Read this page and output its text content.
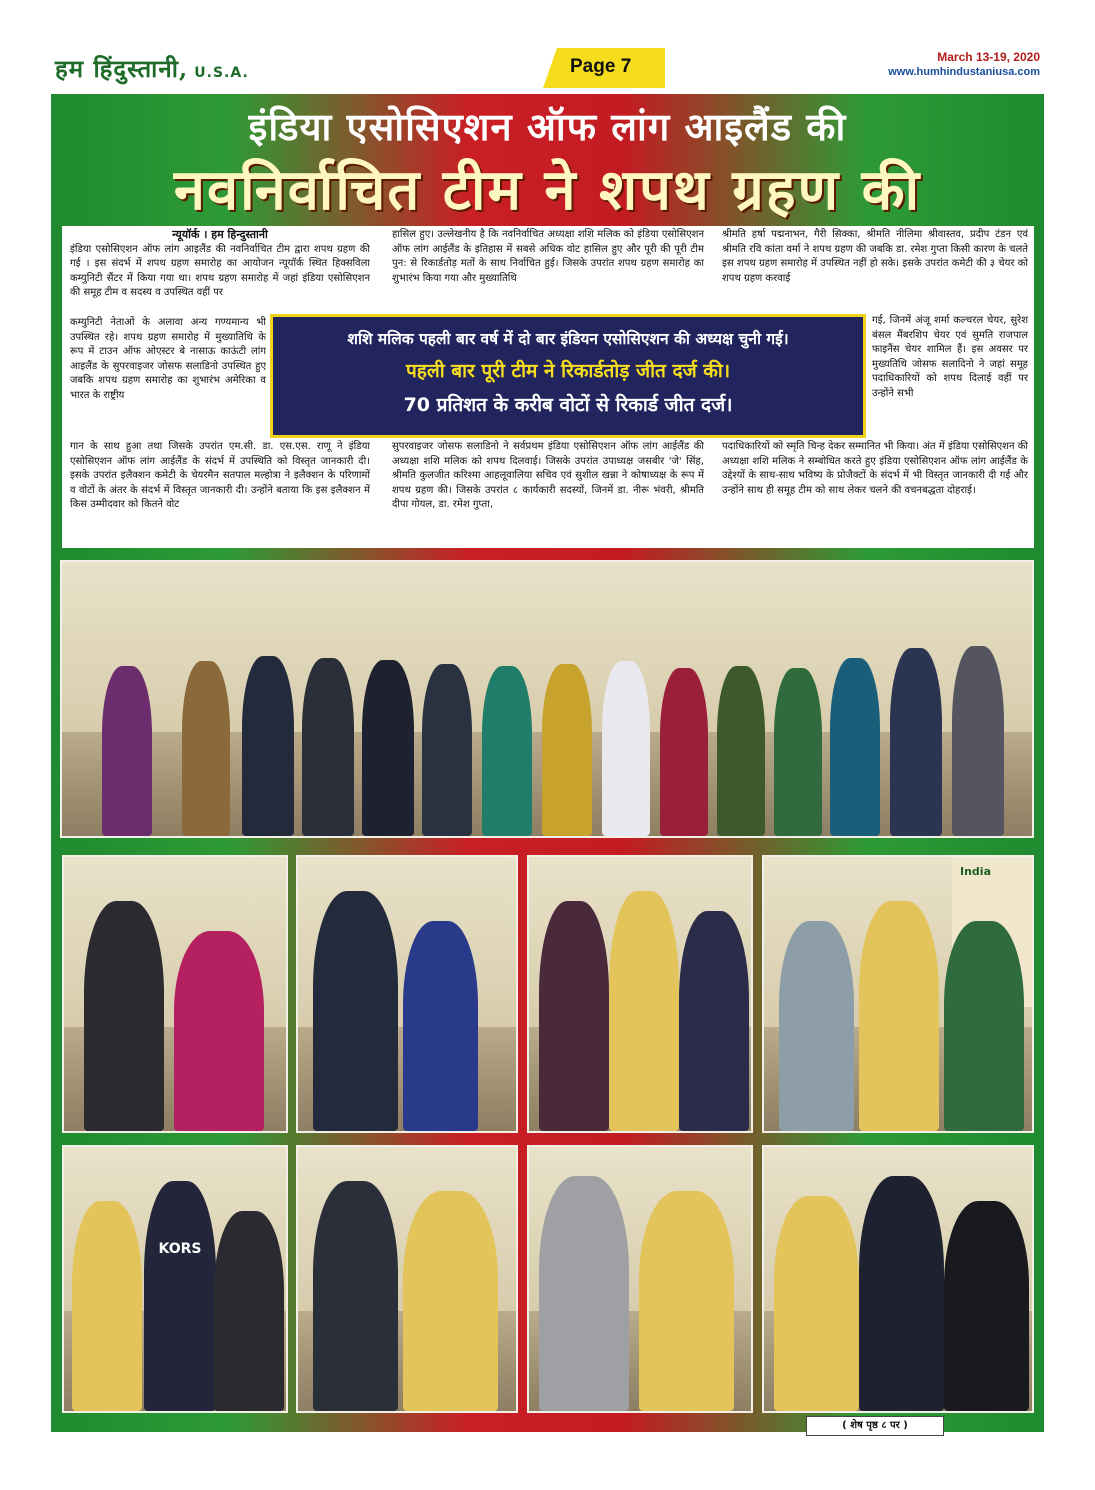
हम हिंदुस्तानी, U.S.A.	Page 7	March 13-19, 2020
www.humhindustaniusa.com
इंडिया एसोसिएशन ऑफ लांग आइलैंड की
नवनिर्वाचित टीम ने शपथ ग्रहण की
न्यूयॉर्क । हम हिन्दुस्तानी
इंडिया एसोसिएशन ऑफ लांग आइलैंड की नवनिर्वाचित टीम द्वारा शपथ ग्रहण की गई । इस संदर्भ में शपथ ग्रहण समारोह का आयोजन न्यूयॉर्क स्थित हिक्सविला कम्युनिटी सैंटर में किया गया था। शपथ ग्रहण समारोह में जहां इंडिया एसोसिएशन की समूह टीम व सदस्य व उपस्थित वहीं पर
कम्युनिटी नेताओं के अलावा अन्य गण्यमान्य भी उपस्थित रहे। शपथ ग्रहण समारोह में मुख्यातिथि के रूप में टाउन ऑफ ओएस्टर बे नासाऊ काऊंटी लांग आइलैंड के सुपरवाइजर जोसफ सलाडिनो उपस्थित हुए जबकि शपथ ग्रहण समारोह का शुभारंभ अमेरिका व भारत के राष्ट्रीय
गान के साथ हुआ तथा जिसके उपरांत एम.सी. डा. एस.एस. राणू ने इंडिया एसोसिएशन ऑफ लांग आईलैंड के संदर्भ में उपस्थिति को विस्तृत जानकारी दी। इसके उपरांत इलैक्शन कमेटी के चेयरमैन सतपाल मल्होत्रा ने इलैक्शन के परिणामों व वोटों के अंतर के संदर्भ में विस्तृत जानकारी दी। उन्होंने बताया कि इस इलैक्शन में किस उम्मीदवार को कितने वोट
हासिल हुए। उल्लेखनीय है कि नवनिर्वाचित अध्यक्षा शशि मलिक को इंडिया एसोसिएशन ऑफ लांग आईलैंड के इतिहास में सबसे अधिक वोट हासिल हुए और पूरी की पूरी टीम पुन: से रिकार्डतोड़ मतों के साथ निर्वाचित हुई। जिसके उपरांत शपथ ग्रहण समारोह का शुभारंभ किया गया और मुख्यातिथि
सुपरवाइजर जोसफ सलाडिनो ने सर्वप्रथम इंडिया एसोसिएशन ऑफ लांग आईलैंड की अध्यक्षा शशि मलिक को शपथ दिलवाई। जिसके उपरांत उपाध्यक्ष जसबीर 'जे' सिंह, श्रीमति कुलजीत करिश्मा आहलूवालिया सचिव एवं सुशील खन्ना ने कोषाध्यक्ष के रूप में शपथ ग्रहण की। जिसके उपरांत ८ कार्यकारी सदस्यों, जिनमें डा. नीरू भंवरी, श्रीमति दीपा गोयल, डा. रमेश गुप्ता,
श्रीमति हर्षा पद्मनाभन, गैरी सिक्का, श्रीमति नीलिमा श्रीवास्तव, प्रदीप टंडन एवं श्रीमति रवि कांता वर्मा ने शपथ ग्रहण की जबकि डा. रमेश गुप्ता किसी कारण के चलते इस शपथ ग्रहण समारोह में उपस्थित नहीं हो सके। इसके उपरांत कमेटी की ३ चेयर को शपथ ग्रहण करवाई
गई, जिनमें अंजू शर्मा कल्चरल चेयर, सुरेश बंसल मैंबरशिप चेयर एवं सुमति राजपाल फाइनैंस चेयर शामिल हैं। इस अवसर पर मुख्यतिथि जोसफ सलादिनो ने जहां समूह पदाधिकारियों को शपथ दिलाई वहीं पर उन्होंने सभी
पदाधिकारियों को स्मृति चिन्ह देकर सम्मानित भी किया। अंत में इंडिया एसोसिएशन की अध्यक्षा शशि मलिक ने सम्बोधित करते हुए इंडिया एसोसिएशन ऑफ लांग आईलैंड के उद्देश्यों के साथ-साथ भविष्य के प्रोजैक्टों के संदर्भ में भी विस्तृत जानकारी दी गई और उन्होंने साथ ही समूह टीम को साथ लेकर चलने की वचनबद्धता दोहराई।
शशि मलिक पहली बार वर्ष में दो बार इंडियन एसोसिएशन की अध्यक्ष चुनी गई।
पहली बार पूरी टीम ने रिकार्डतोड़ जीत दर्ज की।
70 प्रतिशत के करीब वोटों से रिकार्ड जीत दर्ज।
India
KORS
( शेष पृष्ठ ८ पर )
